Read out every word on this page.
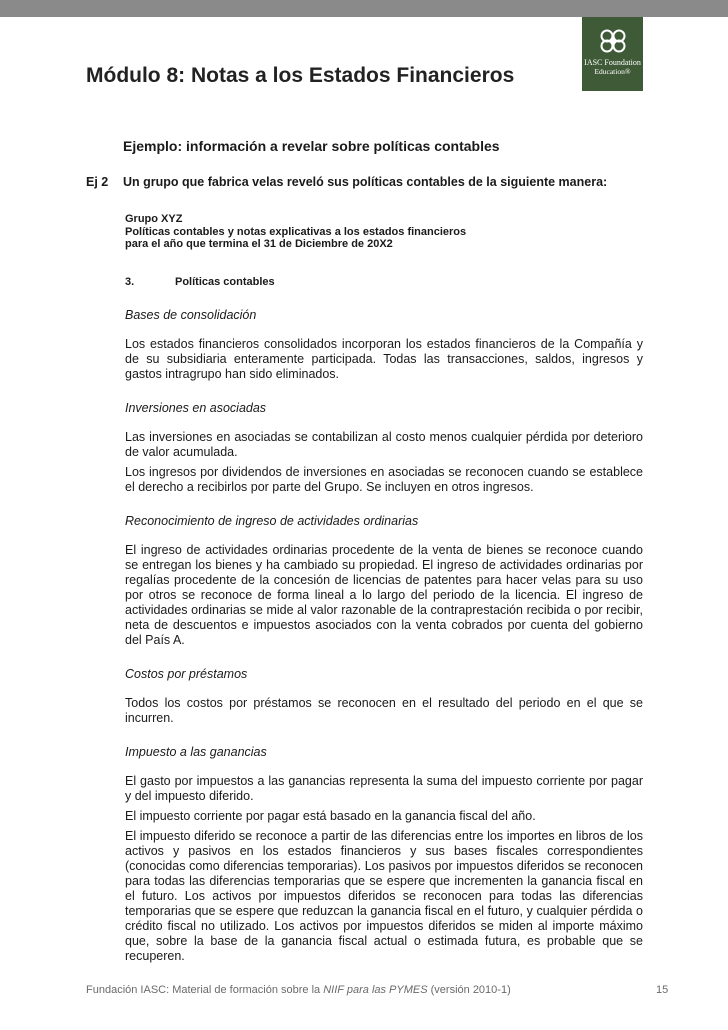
IASC Foundation
Education®
Módulo 8: Notas a los Estados Financieros
Ejemplo: información a revelar sobre políticas contables
Ej 2 Un grupo que fabrica velas reveló sus políticas contables de la siguiente manera:
Grupo XYZ
Políticas contables y notas explicativas a los estados financieros
para el año que termina el 31 de Diciembre de 20X2
3.	Políticas contables
Bases de consolidación

Los estados financieros consolidados incorporan los estados financieros de la Compañía y de su subsidiaria enteramente participada. Todas las transacciones, saldos, ingresos y gastos intragrupo han sido eliminados.

Inversiones en asociadas

Las inversiones en asociadas se contabilizan al costo menos cualquier pérdida por deterioro de valor acumulada.

Los ingresos por dividendos de inversiones en asociadas se reconocen cuando se establece el derecho a recibirlos por parte del Grupo. Se incluyen en otros ingresos.

Reconocimiento de ingreso de actividades ordinarias

El ingreso de actividades ordinarias procedente de la venta de bienes se reconoce cuando se entregan los bienes y ha cambiado su propiedad. El ingreso de actividades ordinarias por regalías procedente de la concesión de licencias de patentes para hacer velas para su uso por otros se reconoce de forma lineal a lo largo del periodo de la licencia. El ingreso de actividades ordinarias se mide al valor razonable de la contraprestación recibida o por recibir, neta de descuentos e impuestos asociados con la venta cobrados por cuenta del gobierno del País A.

Costos por préstamos

Todos los costos por préstamos se reconocen en el resultado del periodo en el que se incurren.

Impuesto a las ganancias

El gasto por impuestos a las ganancias representa la suma del impuesto corriente por pagar y del impuesto diferido.

El impuesto corriente por pagar está basado en la ganancia fiscal del año.

El impuesto diferido se reconoce a partir de las diferencias entre los importes en libros de los activos y pasivos en los estados financieros y sus bases fiscales correspondientes (conocidas como diferencias temporarias). Los pasivos por impuestos diferidos se reconocen para todas las diferencias temporarias que se espere que incrementen la ganancia fiscal en el futuro. Los activos por impuestos diferidos se reconocen para todas las diferencias temporarias que se espere que reduzcan la ganancia fiscal en el futuro, y cualquier pérdida o crédito fiscal no utilizado. Los activos por impuestos diferidos se miden al importe máximo que, sobre la base de la ganancia fiscal actual o estimada futura, es probable que se recuperen.

Fundación IASC: Material de formación sobre la NIIF para las PYMES (versión 2010-1)	15
